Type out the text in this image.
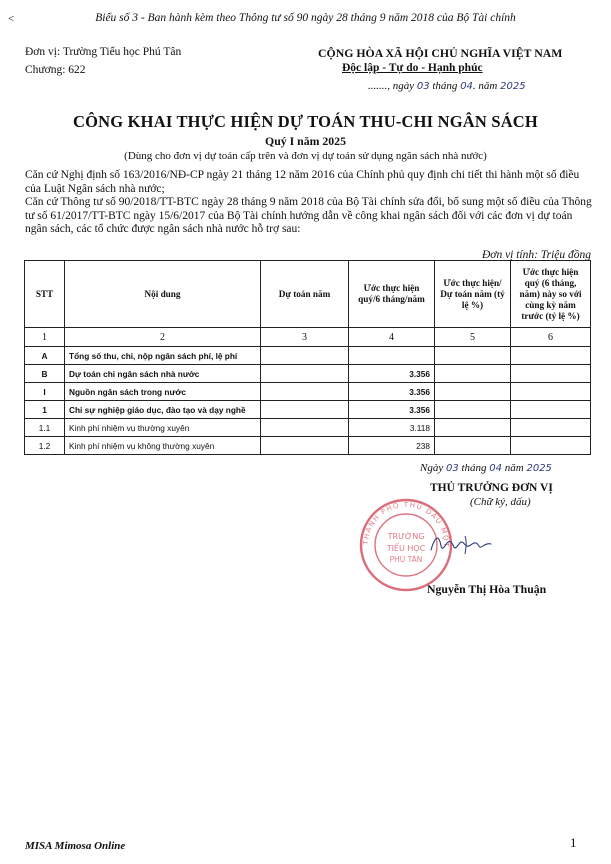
Biểu số 3 - Ban hành kèm theo Thông tư số 90 ngày 28 tháng 9 năm 2018 của Bộ Tài chính
<
Đơn vị: Trường Tiểu học Phú Tân
Chương: 622
CỘNG HÒA XÃ HỘI CHỦ NGHĨA VIỆT NAM
Độc lập - Tự do - Hạnh phúc
......., ngày 03 tháng 04. năm 2025
CÔNG KHAI THỰC HIỆN DỰ TOÁN THU-CHI NGÂN SÁCH
Quý I năm 2025
(Dùng cho đơn vị dự toán cấp trên và đơn vị dự toán sử dụng ngân sách nhà nước)
Căn cứ Nghị định số 163/2016/NĐ-CP ngày 21 tháng 12 năm 2016 của Chính phủ quy định chi tiết thi hành một số điều của Luật Ngân sách nhà nước;
Căn cứ Thông tư số 90/2018/TT-BTC ngày 28 tháng 9 năm 2018 của Bộ Tài chính sửa đổi, bổ sung một số điều của Thông tư số 61/2017/TT-BTC ngày 15/6/2017 của Bộ Tài chính hướng dẫn về công khai ngân sách đối với các đơn vị dự toán ngân sách, các tổ chức được ngân sách nhà nước hỗ trợ sau:
Đơn vị tính: Triệu đồng
STT	Nội dung	Dự toán năm	Ước thực hiện quý/6 tháng/năm	Ước thực hiện/ Dự toán năm (tỷ lệ %)	Ước thực hiện quý (6 tháng, năm) này so với cùng kỳ năm trước (tỷ lệ %)
1	2	3	4	5	6
A	Tổng số thu, chi, nộp ngân sách phí, lệ phí				
B	Dự toán chi ngân sách nhà nước		3.356		
I	Nguồn ngân sách trong nước		3.356		
1	Chi sự nghiệp giáo dục, đào tạo và dạy nghề		3.356		
1.1	Kinh phí nhiệm vụ thường xuyên		3.118		
1.2	Kinh phí nhiệm vụ không thường xuyên		238		
Ngày 03 tháng 04 năm 2025
THỦ TRƯỞNG ĐƠN VỊ
(Chữ ký, dấu)
THÀNH PHỐ THỦ DẦU MỘT
TRƯỜNG
TIỂU HỌC
PHÚ TÂN
Nguyễn Thị Hòa Thuận
MISA Mimosa Online	1
